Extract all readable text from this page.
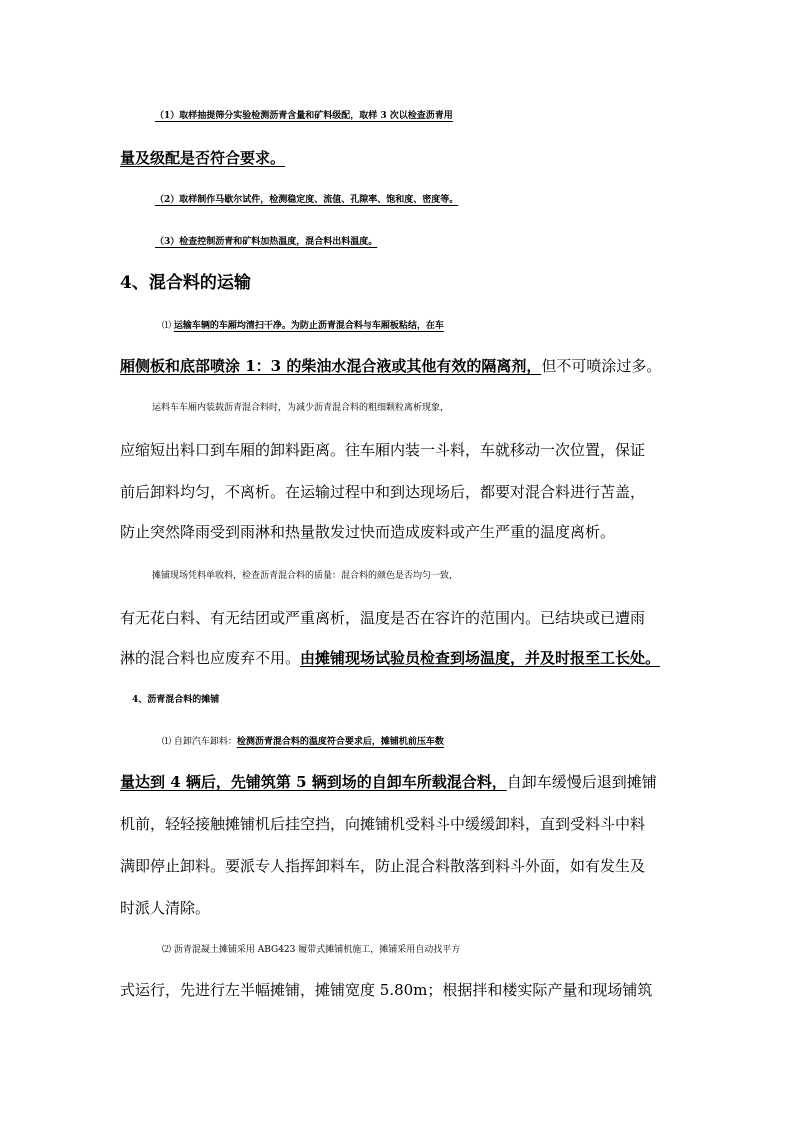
（1）取样抽提筛分实验检测沥青含量和矿料级配，取样 3 次以检查沥青用
量及级配是否符合要求。
（2）取样制作马歇尔试件，检测稳定度、流值、孔隙率、饱和度、密度等。
（3）检查控制沥青和矿料加热温度，混合料出料温度。
4、混合料的运输
⑴ 运输车辆的车厢均清扫干净。为防止沥青混合料与车厢板粘结，在车
厢侧板和底部喷涂 1：3 的柴油水混合液或其他有效的隔离剂，但不可喷涂过多。
运料车车厢内装载沥青混合料时，为减少沥青混合料的粗细颗粒离析现象，
应缩短出料口到车厢的卸料距离。往车厢内装一斗料，车就移动一次位置，保证
前后卸料均匀，不离析。在运输过程中和到达现场后，都要对混合料进行苫盖，
防止突然降雨受到雨淋和热量散发过快而造成废料或产生严重的温度离析。
摊铺现场凭料单收料，检查沥青混合料的质量：混合料的颜色是否均匀一致，
有无花白料、有无结团或严重离析，温度是否在容许的范围内。已结块或已遭雨
淋的混合料也应废弃不用。由摊铺现场试验员检查到场温度，并及时报至工长处。
4、沥青混合料的摊铺
⑴ 自卸汽车卸料：检测沥青混合料的温度符合要求后，摊铺机前压车数
量达到 4 辆后，先铺筑第 5 辆到场的自卸车所载混合料，自卸车缓慢后退到摊铺
机前，轻轻接触摊铺机后挂空挡，向摊铺机受料斗中缓缓卸料，直到受料斗中料
满即停止卸料。要派专人指挥卸料车，防止混合料散落到料斗外面，如有发生及
时派人清除。
⑵ 沥青混凝土摊铺采用 ABG423 履带式摊铺机施工，摊铺采用自动找平方
式运行，先进行左半幅摊铺，摊铺宽度 5.80m；根据拌和楼实际产量和现场铺筑
